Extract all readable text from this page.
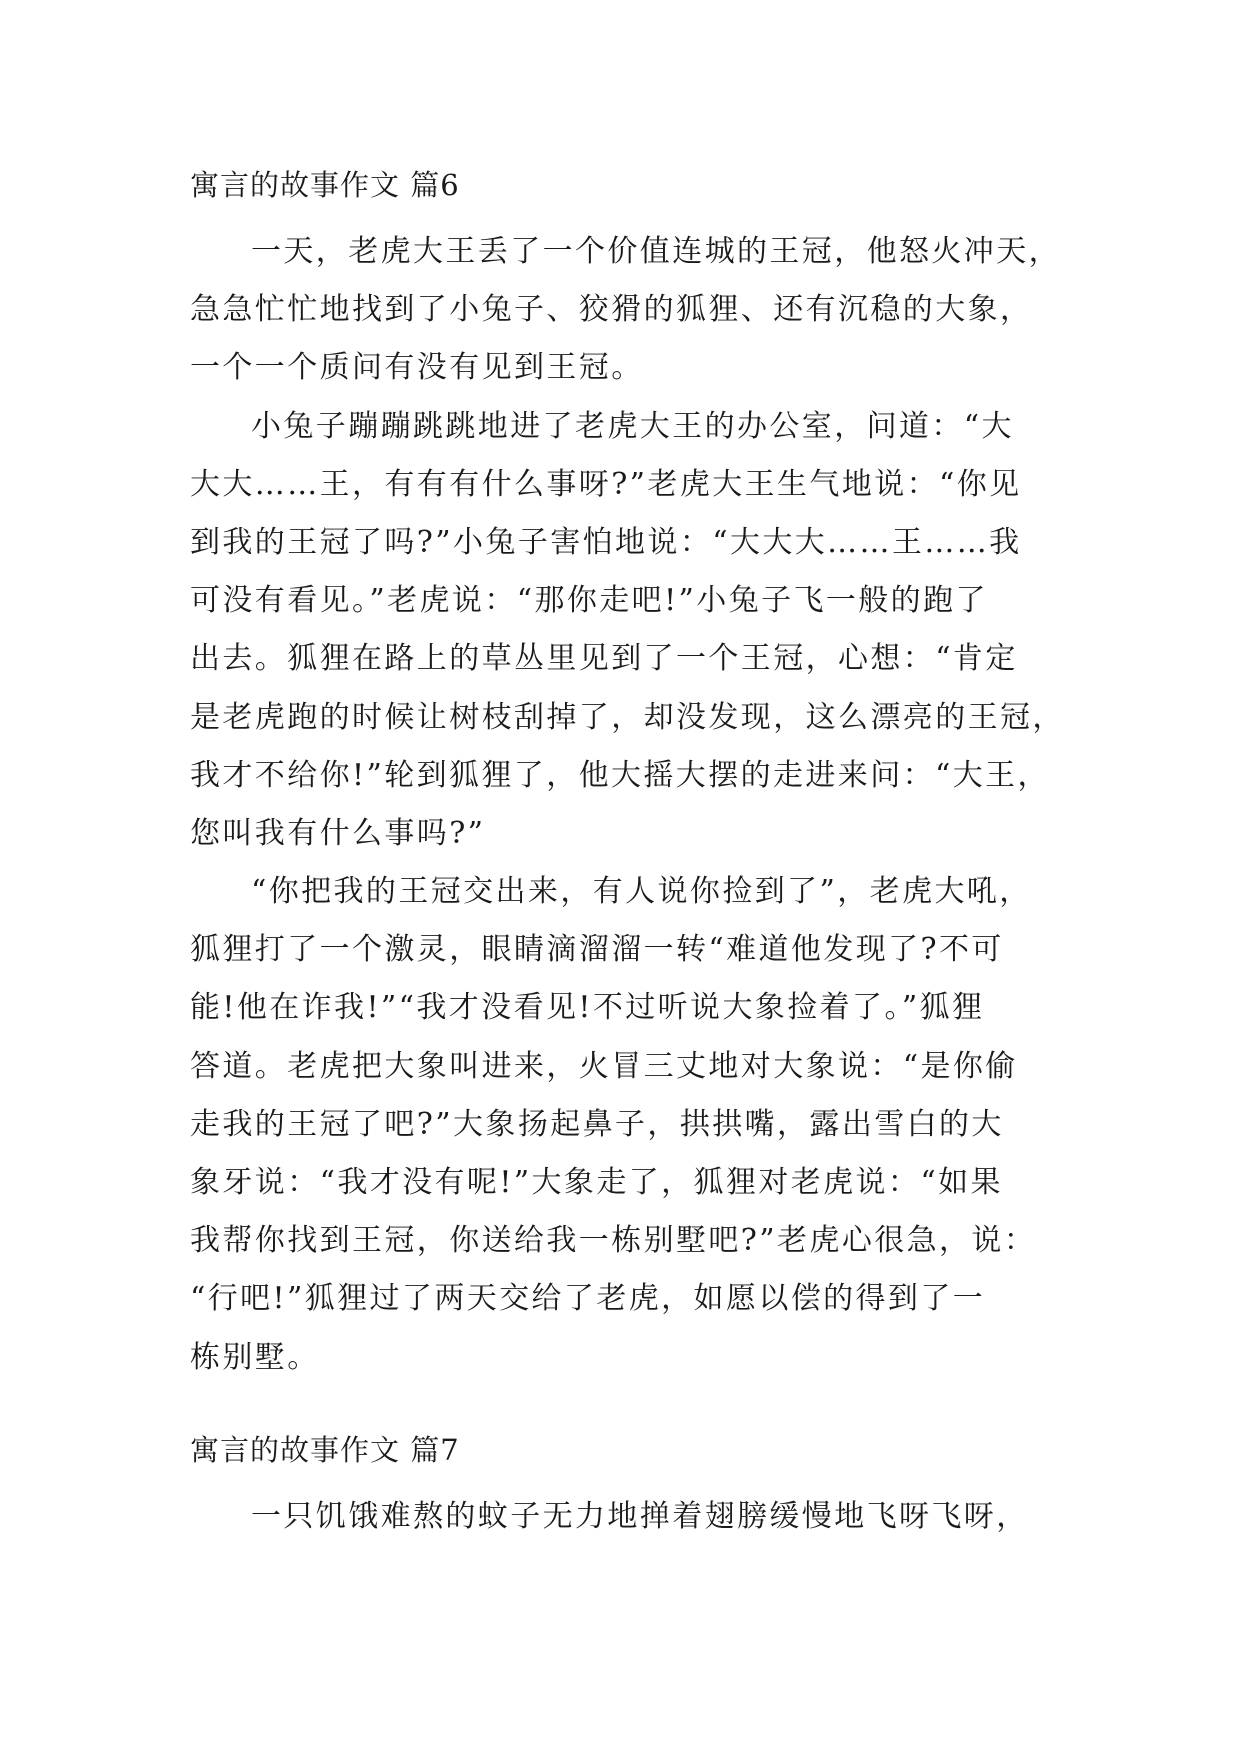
寓言的故事作文 篇6
一天，老虎大王丢了一个价值连城的王冠，他怒火冲天，
急急忙忙地找到了小兔子、狡猾的狐狸、还有沉稳的大象，
一个一个质问有没有见到王冠。
小兔子蹦蹦跳跳地进了老虎大王的办公室，问道：“大
大大……王，有有有什么事呀?”老虎大王生气地说：“你见
到我的王冠了吗?”小兔子害怕地说：“大大大……王……我
可没有看见。”老虎说：“那你走吧!”小兔子飞一般的跑了
出去。狐狸在路上的草丛里见到了一个王冠，心想：“肯定
是老虎跑的时候让树枝刮掉了，却没发现，这么漂亮的王冠，
我才不给你!”轮到狐狸了，他大摇大摆的走进来问：“大王，
您叫我有什么事吗?”
“你把我的王冠交出来，有人说你捡到了”，老虎大吼，
狐狸打了一个激灵，眼睛滴溜溜一转“难道他发现了?不可
能!他在诈我!”“我才没看见!不过听说大象捡着了。”狐狸
答道。老虎把大象叫进来，火冒三丈地对大象说：“是你偷
走我的王冠了吧?”大象扬起鼻子，拱拱嘴，露出雪白的大
象牙说：“我才没有呢!”大象走了，狐狸对老虎说：“如果
我帮你找到王冠，你送给我一栋别墅吧?”老虎心很急，说：
“行吧!”狐狸过了两天交给了老虎，如愿以偿的得到了一
栋别墅。
寓言的故事作文 篇7
一只饥饿难熬的蚊子无力地掸着翅膀缓慢地飞呀飞呀，
